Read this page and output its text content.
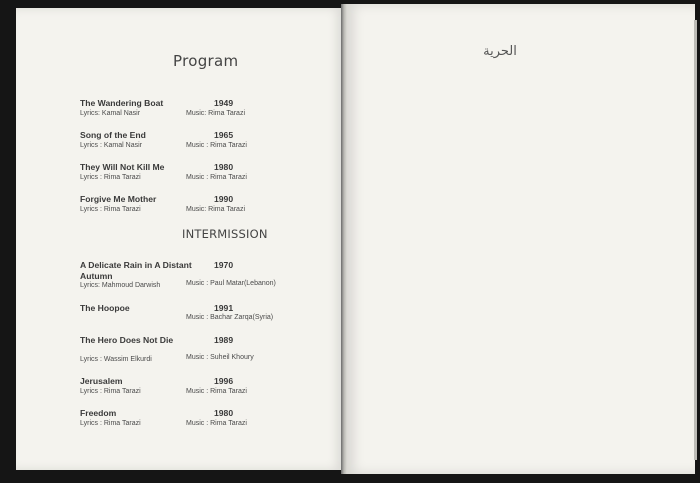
Program
INTERMISSION
The Wandering Boat	1949
Lyrics: Kamal Nasir	Music: Rima Tarazi
Song of the End	1965
Lyrics : Kamal Nasir	Music : Rima Tarazi
They Will Not Kill Me	1980
Lyrics : Rima Tarazi	Music : Rima Tarazi
Forgive Me Mother	1990
Lyrics : Rima Tarazi	Music: Rima Tarazi
A Delicate Rain in A Distant Autumn
1970
Lyrics: Mahmoud Darwish	Music : Paul Matar(Lebanon)
The Hoopoe	1991
Music : Bachar Zarqa(Syria)
The Hero Does Not Die	1989
Lyrics : Wassim Elkurdi	Music : Suheil Khoury
Jerusalem	1996
Lyrics : Rima Tarazi	Music : Rima Tarazi
Freedom	1980
Lyrics : Rima Tarazi	Music : Rima Tarazi
الحرية
